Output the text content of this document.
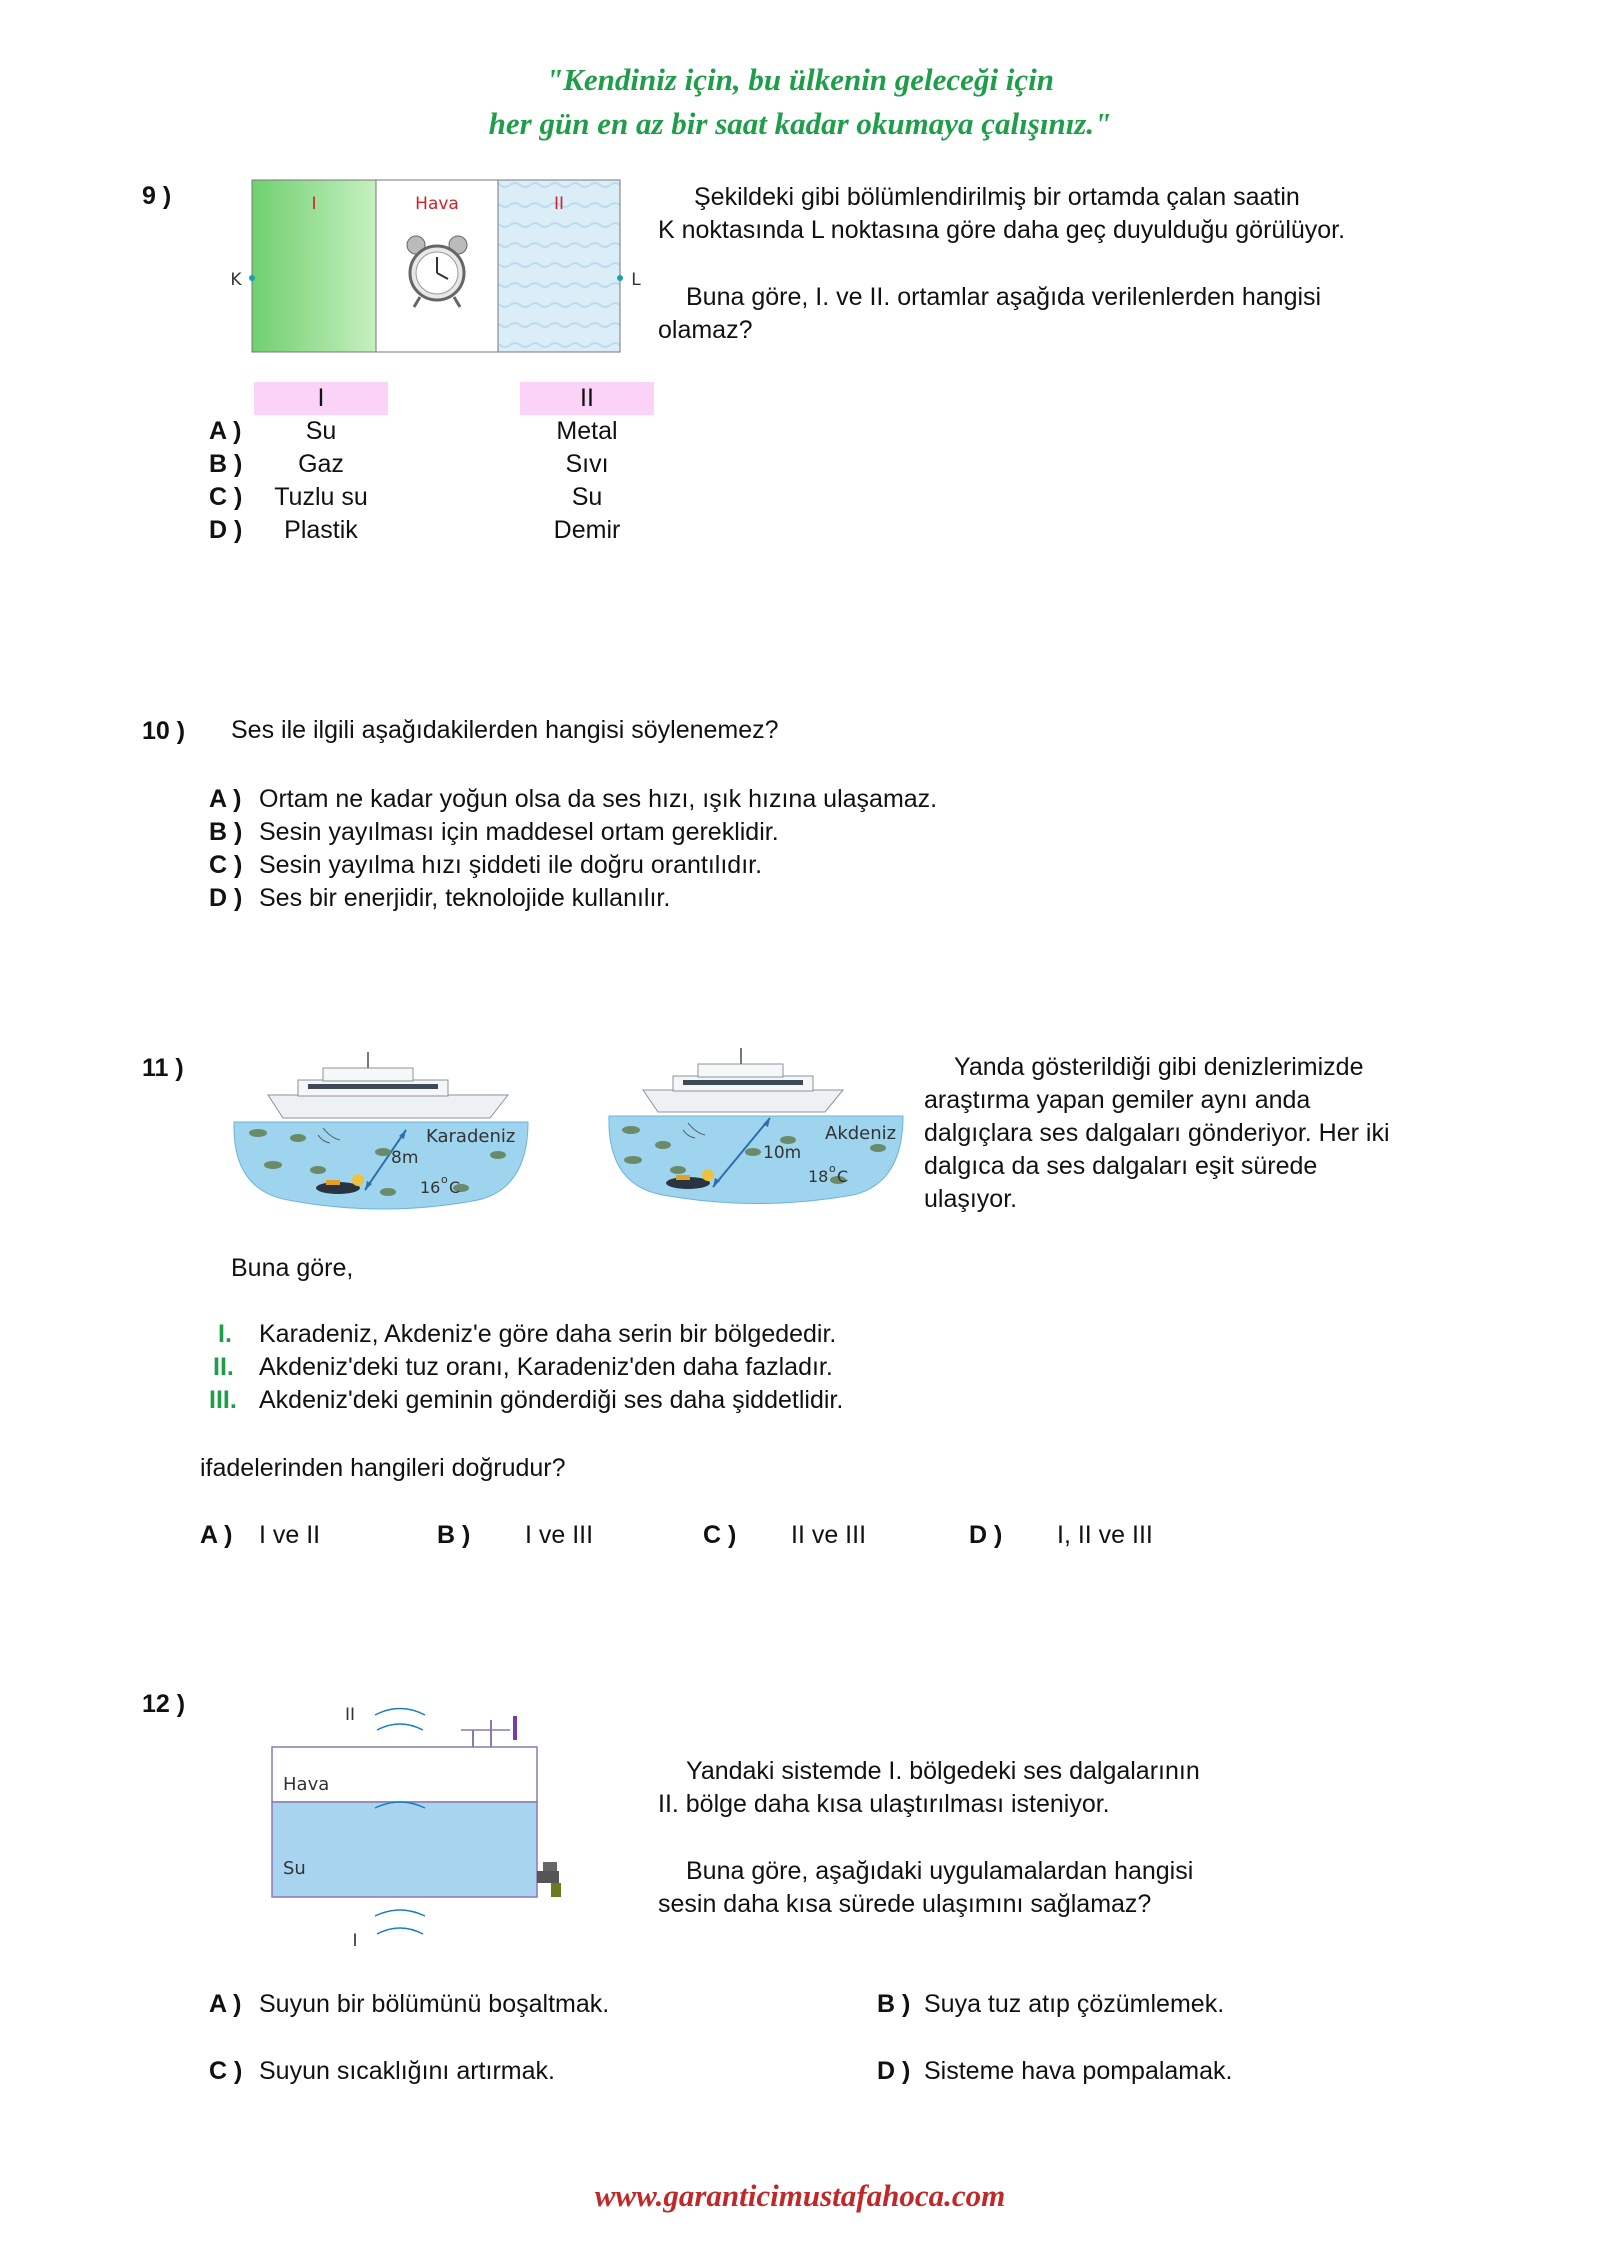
"Kendiniz için, bu ülkenin geleceği için
her gün en az bir saat kadar okumaya çalışınız."
9 )	I	Hava	II
K	L
Şekildeki gibi bölümlendirilmiş bir ortamda çalan saatin
K noktasında L noktasına göre daha geç duyulduğu görülüyor.
Buna göre, I. ve II. ortamlar aşağıda verilenlerden hangisi
olamaz?
I	II
A )	Su	Metal
B )	Gaz	Sıvı
C )	Tuzlu su	Su
D )	Plastik	Demir
10 ) Ses ile ilgili aşağıdakilerden hangisi söylenemez?
A ) Ortam ne kadar yoğun olsa da ses hızı, ışık hızına ulaşamaz.
B ) Sesin yayılması için maddesel ortam gereklidir.
C ) Sesin yayılma hızı şiddeti ile doğru orantılıdır.
D ) Ses bir enerjidir, teknolojide kullanılır.
11 )
Karadeniz
8m
16 o C
Akdeniz
10m
18 o C
Yanda gösterildiği gibi denizlerimizde
araştırma yapan gemiler aynı anda
dalgıçlara ses dalgaları gönderiyor. Her iki
dalgıca da ses dalgaları eşit sürede
ulaşıyor.
Buna göre,
I. Karadeniz, Akdeniz'e göre daha serin bir bölgededir.
II. Akdeniz'deki tuz oranı, Karadeniz'den daha fazladır.
III. Akdeniz'deki geminin gönderdiği ses daha şiddetlidir.
ifadelerinden hangileri doğrudur?
A ) I ve II	B ) I ve III	C ) II ve III	D ) I, II ve III
12 )	II
Hava
Su
I
Yandaki sistemde I. bölgedeki ses dalgalarının
II. bölge daha kısa ulaştırılması isteniyor.
Buna göre, aşağıdaki uygulamalardan hangisi
sesin daha kısa sürede ulaşımını sağlamaz?
A ) Suyun bir bölümünü boşaltmak.	B ) Suya tuz atıp çözümlemek.
C ) Suyun sıcaklığını artırmak.	D ) Sisteme hava pompalamak.
www.garanticimustafahoca.com
